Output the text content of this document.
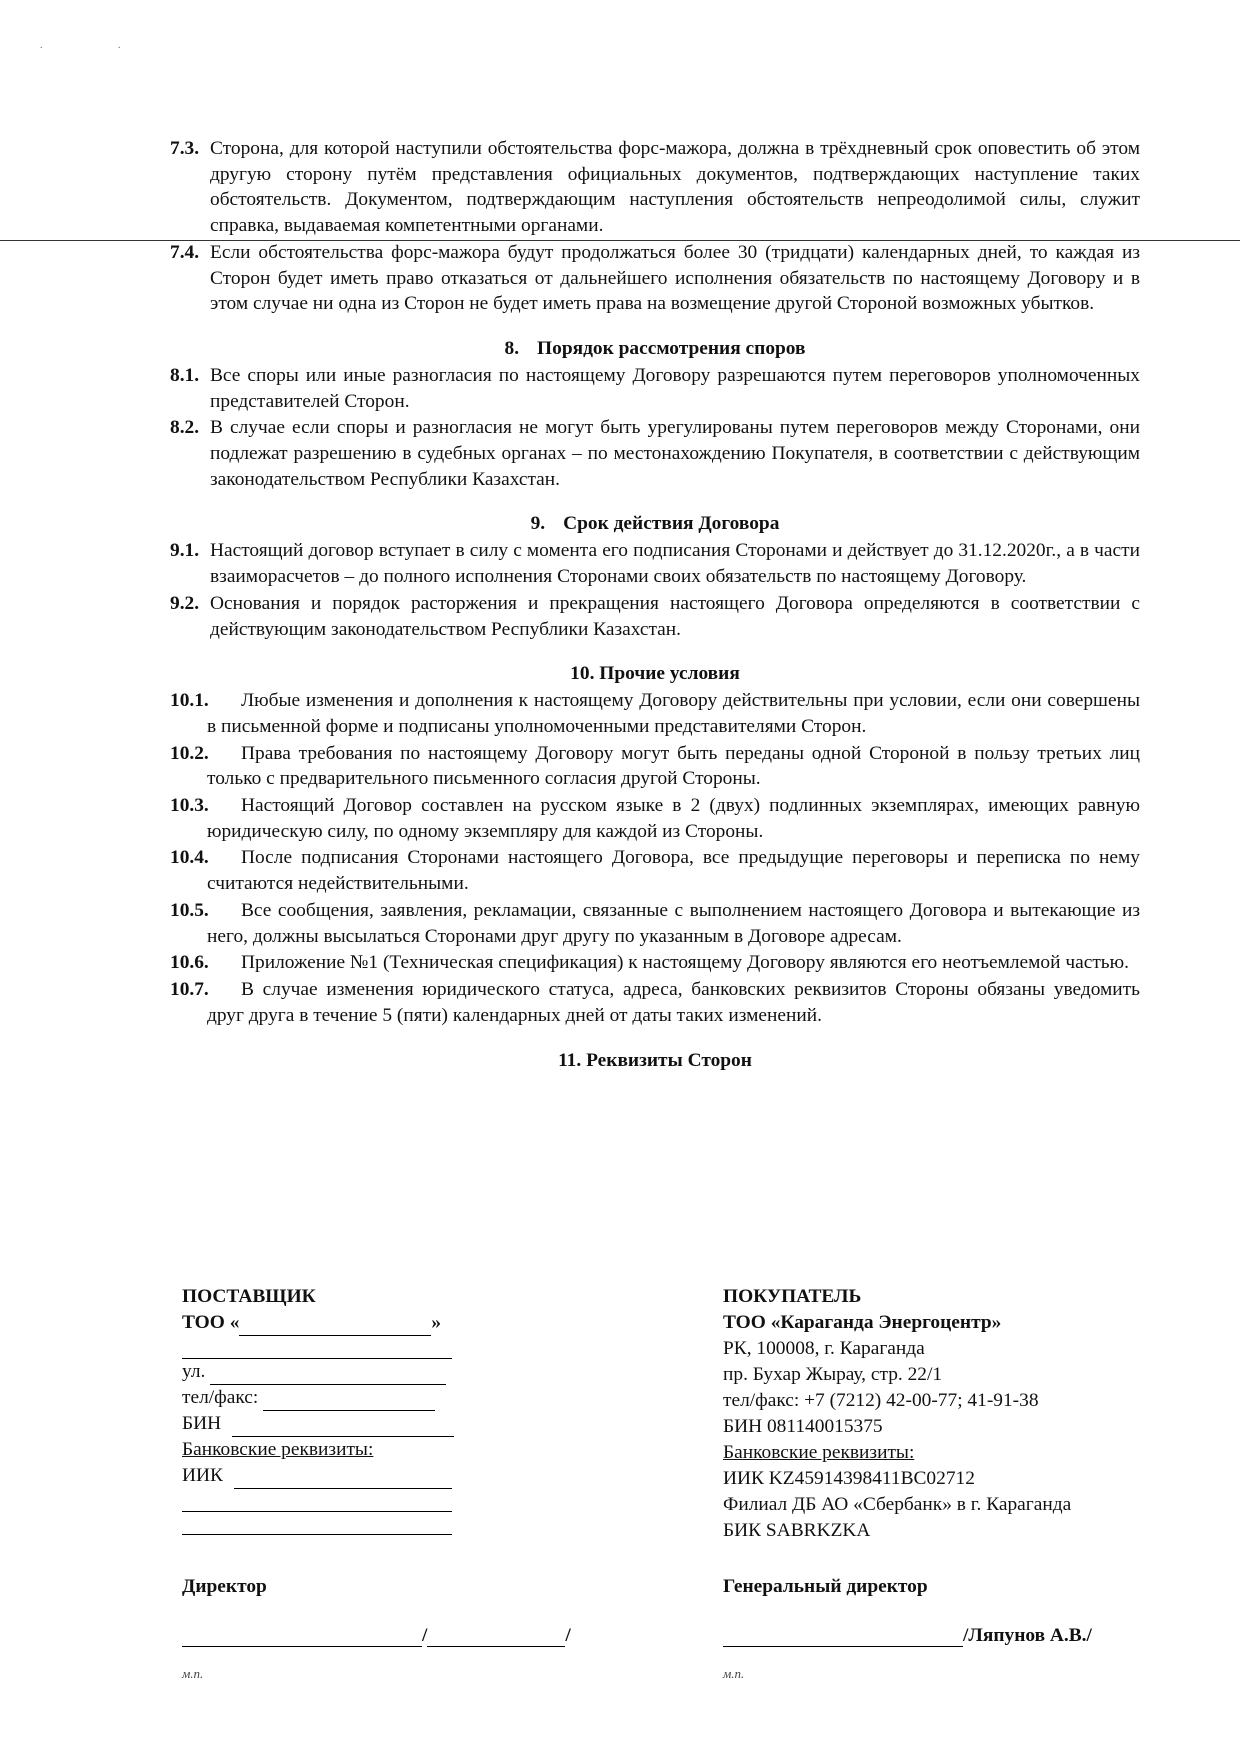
.	.
7.3. Сторона, для которой наступили обстоятельства форс-мажора, должна в трёхдневный срок оповестить об этом другую сторону путём представления официальных документов, подтверждающих наступление таких обстоятельств. Документом, подтверждающим наступления обстоятельств непреодолимой силы, служит справка, выдаваемая компетентными органами.
7.4. Если обстоятельства форс-мажора будут продолжаться более 30 (тридцати) календарных дней, то каждая из Сторон будет иметь право отказаться от дальнейшего исполнения обязательств по настоящему Договору и в этом случае ни одна из Сторон не будет иметь права на возмещение другой Стороной возможных убытков.
8. Порядок рассмотрения споров
8.1. Все споры или иные разногласия по настоящему Договору разрешаются путем переговоров уполномоченных представителей Сторон.
8.2. В случае если споры и разногласия не могут быть урегулированы путем переговоров между Сторонами, они подлежат разрешению в судебных органах – по местонахождению Покупателя, в соответствии с действующим законодательством Республики Казахстан.
9. Срок действия Договора
9.1. Настоящий договор вступает в силу с момента его подписания Сторонами и действует до 31.12.2020г., а в части взаиморасчетов – до полного исполнения Сторонами своих обязательств по настоящему Договору.
9.2. Основания и порядок расторжения и прекращения настоящего Договора определяются в соответствии с действующим законодательством Республики Казахстан.
10. Прочие условия
10.1.	Любые изменения и дополнения к настоящему Договору действительны при условии, если они совершены в письменной форме и подписаны уполномоченными представителями Сторон.
10.2.	Права требования по настоящему Договору могут быть переданы одной Стороной в пользу третьих лиц только с предварительного письменного согласия другой Стороны.
10.3.	Настоящий Договор составлен на русском языке в 2 (двух) подлинных экземплярах, имеющих равную юридическую силу, по одному экземпляру для каждой из Стороны.
10.4.	После подписания Сторонами настоящего Договора, все предыдущие переговоры и переписка по нему считаются недействительными.
10.5.	Все сообщения, заявления, рекламации, связанные с выполнением настоящего Договора и вытекающие из него, должны высылаться Сторонами друг другу по указанным в Договоре адресам.
10.6.	Приложение №1 (Техническая спецификация) к настоящему Договору являются его неотъемлемой частью.
10.7.	В случае изменения юридического статуса, адреса, банковских реквизитов Стороны обязаны уведомить друг друга в течение 5 (пяти) календарных дней от даты таких изменений.
11. Реквизиты Сторон
ПОСТАВЩИК
ТОО «	»
ул.
тел/факс:
БИН
Банковские реквизиты:
ИИК
ПОКУПАТЕЛЬ
ТОО «Караганда Энергоцентр»
РК, 100008, г. Караганда
пр. Бухар Жырау, стр. 22/1
тел/факс: +7 (7212) 42-00-77; 41-91-38
БИН 081140015375
Банковские реквизиты:
ИИК KZ45914398411BC02712
Филиал ДБ АО «Сбербанк» в г. Караганда
БИК SABRKZKA
Директор	Генеральный директор
/	/	/Ляпунов А.В./
м.п.	м.п.
